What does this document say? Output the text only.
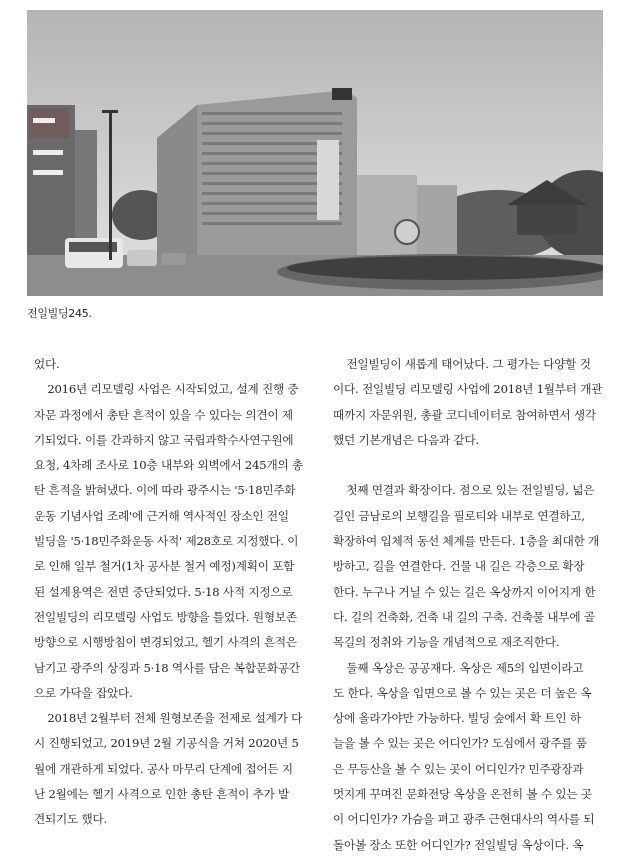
전일빌딩245.
었다.
2016년 리모델링 사업은 시작되었고, 설계 진행 중
자문 과정에서 총탄 흔적이 있을 수 있다는 의견이 제
기되었다. 이를 간과하지 않고 국립과학수사연구원에
요청, 4차례 조사로 10층 내부와 외벽에서 245개의 총
탄 흔적을 밝혀냈다. 이에 따라 광주시는 '5·18민주화
운동 기념사업 조례'에 근거해 역사적인 장소인 전일
빌딩을 '5·18민주화운동 사적' 제28호로 지정했다. 이
로 인해 일부 철거(1차 공사분 철거 예정)계획이 포함
된 설계용역은 전면 중단되었다. 5·18 사적 지정으로
전일빌딩의 리모델링 사업도 방향을 틀었다. 원형보존
방향으로 시행방침이 변경되었고, 헬기 사격의 흔적은
남기고 광주의 상징과 5·18 역사를 담은 복합문화공간
으로 가닥을 잡았다.
2018년 2월부터 전체 원형보존을 전제로 설계가 다
시 진행되었고, 2019년 2월 기공식을 거쳐 2020년 5
월에 개관하게 되었다. 공사 마무리 단계에 접어든 지
난 2월에는 헬기 사격으로 인한 총탄 흔적이 추가 발
견되기도 했다.
전일빌딩이 새롭게 태어났다. 그 평가는 다양할 것
이다. 전일빌딩 리모델링 사업에 2018년 1월부터 개관
때까지 자문위원, 총괄 코디네이터로 참여하면서 생각
했던 기본개념은 다음과 같다.
첫째 연결과 확장이다. 점으로 있는 전일빌딩, 넓은
길인 금남로의 보행길을 필로티와 내부로 연결하고,
확장하여 입체적 동선 체계를 만든다. 1층을 최대한 개
방하고, 길을 연결한다. 건물 내 길은 각층으로 확장
한다. 누구나 거닐 수 있는 길은 옥상까지 이어지게 한
다. 길의 건축화, 건축 내 길의 구축. 건축물 내부에 골
목길의 정취와 기능을 개념적으로 재조직한다.
둘째 옥상은 공공재다. 옥상은 제5의 입면이라고
도 한다. 옥상을 입면으로 볼 수 있는 곳은 더 높은 옥
상에 올라가야만 가능하다. 빌딩 숲에서 확 트인 하
늘을 볼 수 있는 곳은 어디인가? 도심에서 광주를 품
은 무등산을 볼 수 있는 곳이 어디인가? 민주광장과
멋지게 꾸며진 문화전당 옥상을 온전히 볼 수 있는 곳
이 어디인가? 가슴을 펴고 광주 근현대사의 역사를 되
돌아볼 장소 또한 어디인가? 전일빌딩 옥상이다. 옥
